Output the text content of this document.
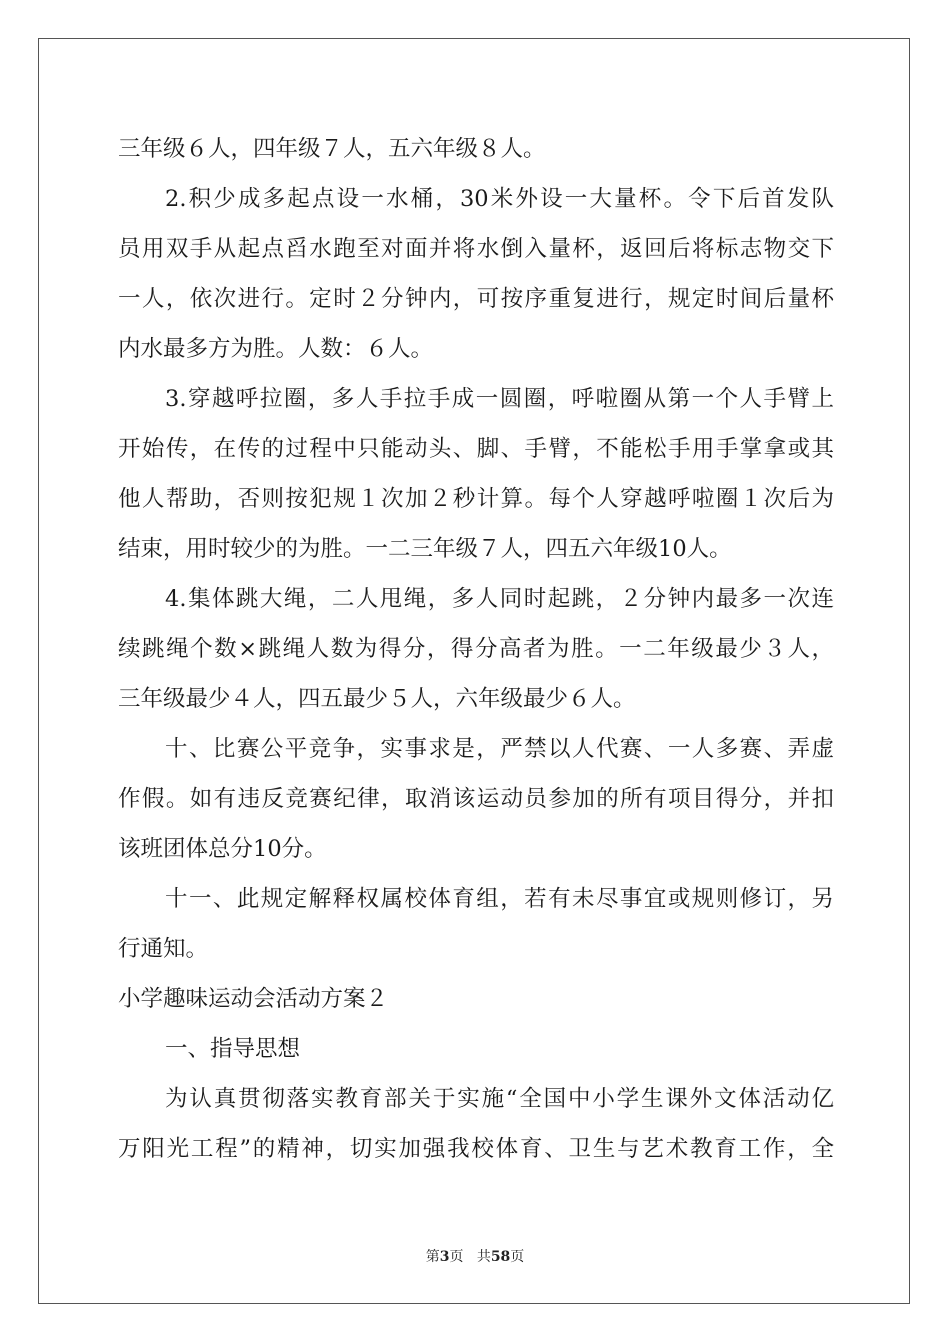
三年级６人，四年级７人，五六年级８人。
2.积少成多起点设一水桶，30米外设一大量杯。令下后首发队
员用双手从起点舀水跑至对面并将水倒入量杯，返回后将标志物交下
一人，依次进行。定时２分钟内，可按序重复进行，规定时间后量杯
内水最多方为胜。人数：６人。
3.穿越呼拉圈，多人手拉手成一圆圈，呼啦圈从第一个人手臂上
开始传，在传的过程中只能动头、脚、手臂，不能松手用手掌拿或其
他人帮助，否则按犯规１次加２秒计算。每个人穿越呼啦圈１次后为
结束，用时较少的为胜。一二三年级７人，四五六年级10人。
4.集体跳大绳，二人甩绳，多人同时起跳，２分钟内最多一次连
续跳绳个数×跳绳人数为得分，得分高者为胜。一二年级最少３人，
三年级最少４人，四五最少５人，六年级最少６人。
十、比赛公平竞争，实事求是，严禁以人代赛、一人多赛、弄虚
作假。如有违反竞赛纪律，取消该运动员参加的所有项目得分，并扣
该班团体总分10分。
十一、此规定解释权属校体育组，若有未尽事宜或规则修订，另
行通知。
小学趣味运动会活动方案２
一、指导思想
为认真贯彻落实教育部关于实施“全国中小学生课外文体活动亿
万阳光工程”的精神，切实加强我校体育、卫生与艺术教育工作，全
第3页 共58页
